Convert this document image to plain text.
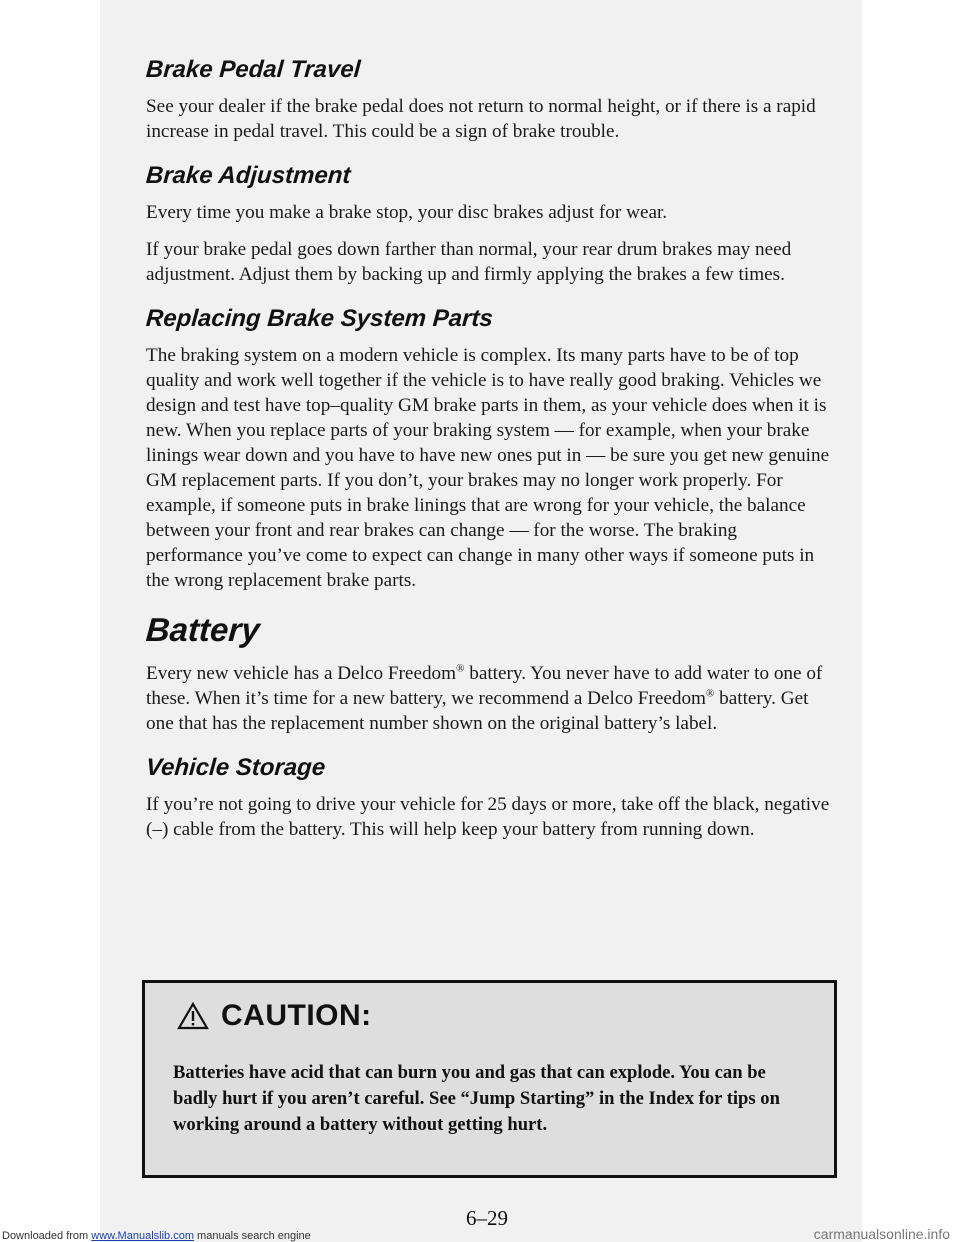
Brake Pedal Travel

See your dealer if the brake pedal does not return to normal height, or if there is a rapid increase in pedal travel. This could be a sign of brake trouble.

Brake Adjustment

Every time you make a brake stop, your disc brakes adjust for wear.

If your brake pedal goes down farther than normal, your rear drum brakes may need adjustment. Adjust them by backing up and firmly applying the brakes a few times.

Replacing Brake System Parts

The braking system on a modern vehicle is complex. Its many parts have to be of top quality and work well together if the vehicle is to have really good braking. Vehicles we design and test have top–quality GM brake parts in them, as your vehicle does when it is new. When you replace parts of your braking system — for example, when your brake linings wear down and you have to have new ones put in — be sure you get new genuine GM replacement parts. If you don’t, your brakes may no longer work properly. For example, if someone puts in brake linings that are wrong for your vehicle, the balance between your front and rear brakes can change — for the worse. The braking performance you’ve come to expect can change in many other ways if someone puts in the wrong replacement brake parts.

Battery

Every new vehicle has a Delco Freedom® battery. You never have to add water to one of these. When it’s time for a new battery, we recommend a Delco Freedom® battery. Get one that has the replacement number shown on the original battery’s label.

Vehicle Storage

If you’re not going to drive your vehicle for 25 days or more, take off the black, negative (–) cable from the battery. This will help keep your battery from running down.

CAUTION:
Batteries have acid that can burn you and gas that can explode. You can be badly hurt if you aren’t careful. See “Jump Starting” in the Index for tips on working around a battery without getting hurt.
6–29
Downloaded from www.Manualslib.com manuals search engine	carmanualsonline.info
